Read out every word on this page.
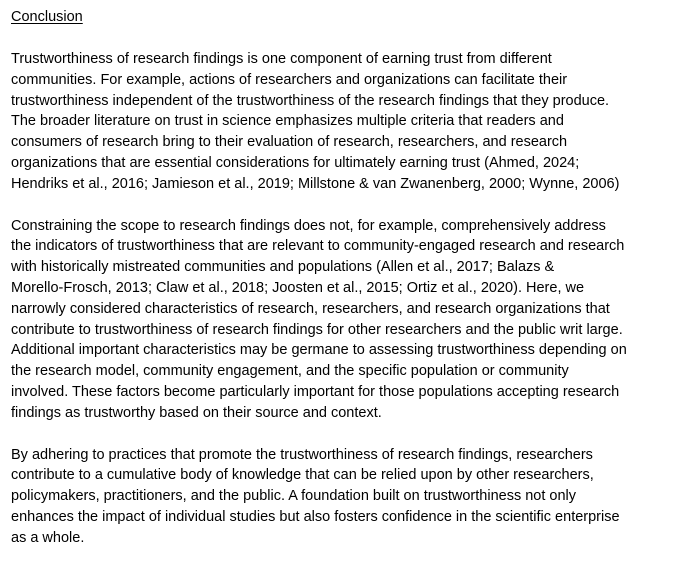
Conclusion
Trustworthiness of research findings is one component of earning trust from different
communities. For example, actions of researchers and organizations can facilitate their
trustworthiness independent of the trustworthiness of the research findings that they produce.
The broader literature on trust in science emphasizes multiple criteria that readers and
consumers of research bring to their evaluation of research, researchers, and research
organizations that are essential considerations for ultimately earning trust (Ahmed, 2024;
Hendriks et al., 2016; Jamieson et al., 2019; Millstone & van Zwanenberg, 2000; Wynne, 2006)
Constraining the scope to research findings does not, for example, comprehensively address
the indicators of trustworthiness that are relevant to community-engaged research and research
with historically mistreated communities and populations (Allen et al., 2017; Balazs &
Morello-Frosch, 2013; Claw et al., 2018; Joosten et al., 2015; Ortiz et al., 2020). Here, we
narrowly considered characteristics of research, researchers, and research organizations that
contribute to trustworthiness of research findings for other researchers and the public writ large.
Additional important characteristics may be germane to assessing trustworthiness depending on
the research model, community engagement, and the specific population or community
involved. These factors become particularly important for those populations accepting research
findings as trustworthy based on their source and context.
By adhering to practices that promote the trustworthiness of research findings, researchers
contribute to a cumulative body of knowledge that can be relied upon by other researchers,
policymakers, practitioners, and the public. A foundation built on trustworthiness not only
enhances the impact of individual studies but also fosters confidence in the scientific enterprise
as a whole.
